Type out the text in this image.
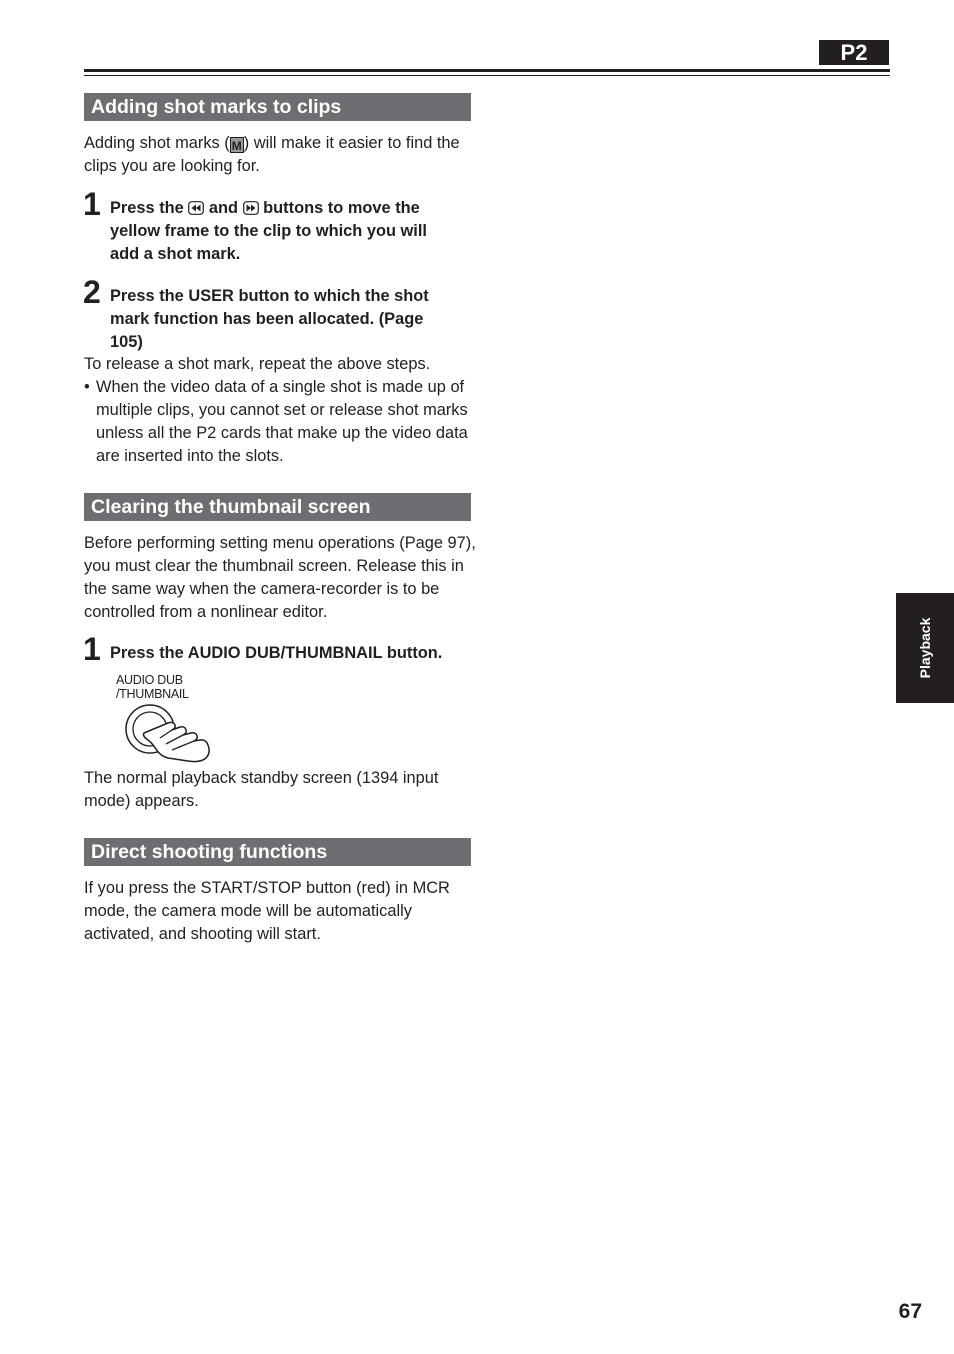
P2
Adding shot marks to clips
Adding shot marks ( M ) will make it easier to find the clips you are looking for.
1 Press the  and  buttons to move the yellow frame to the clip to which you will add a shot mark.
2 Press the USER button to which the shot mark function has been allocated. (Page 105)
To release a shot mark, repeat the above steps.
• When the video data of a single shot is made up of multiple clips, you cannot set or release shot marks unless all the P2 cards that make up the video data are inserted into the slots.
Clearing the thumbnail screen
Before performing setting menu operations (Page 97), you must clear the thumbnail screen. Release this in the same way when the camera-recorder is to be controlled from a nonlinear editor.
1 Press the AUDIO DUB/THUMBNAIL button.
AUDIO DUB
/THUMBNAIL
The normal playback standby screen (1394 input mode) appears.
Direct shooting functions
If you press the START/STOP button (red) in MCR mode, the camera mode will be automatically activated, and shooting will start.
Playback
67
